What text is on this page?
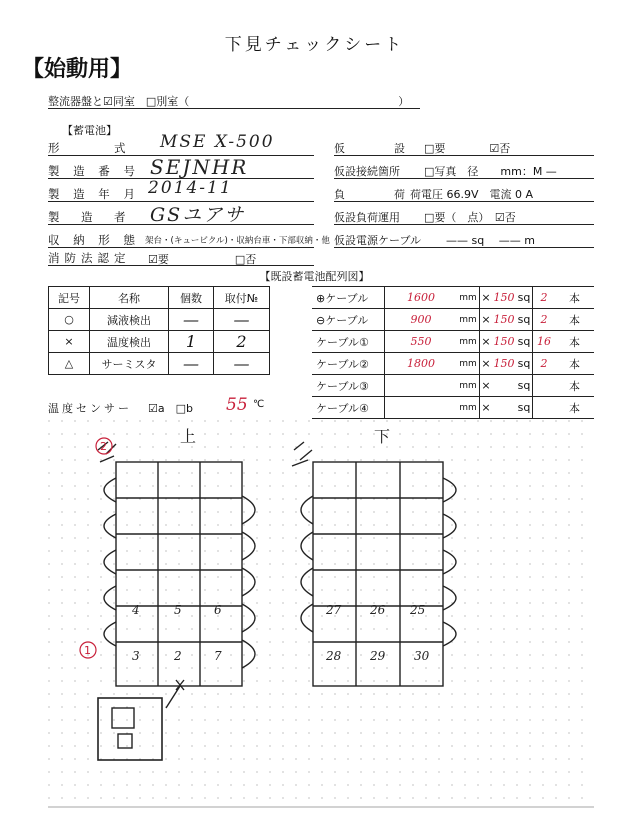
下見チェックシート
【始動用】
整流器盤と☑同室　□別室（　　　　　　　　　　　　　　　　　　　）
【蓄電池】
形　　　式 MSE X-500
製 造 番 号 SEJNHR
製 造 年 月 2014-11
製　造　者 GSユアサ
収 納 形 態 架台・(キュービクル)・収納台車・下部収納・他
消防法認定 ☑要　　　　　　□否
仮　　　設 □要　　　　☑否
仮設接続箇所 □写真　径　　mm：M —
負　　　荷 荷電圧 66.9V　電流 0 A
仮設負荷運用 □要（　点）　☑否
仮設電源ケーブル —— sq　 —— m
【既設蓄電池配列図】
記号	名称	個数	取付№
○	減液検出	—	—
×	温度検出	1	2
△	サーミスタ	—	—
温度センサー ☑a　□b 55 ℃
⊕ケーブル	1600	mm	×	150	sq	2	本
⊖ケーブル	900	mm	×	150	sq	2	本
ケーブル①	550	mm	×	150	sq	16	本
ケーブル②	1800	mm	×	150	sq	2	本
ケーブル③		mm	×		sq		本
ケーブル④		mm	×		sq		本
上	下
4	5	6
3	2	7
27 26 25
28 29 30
2
1
